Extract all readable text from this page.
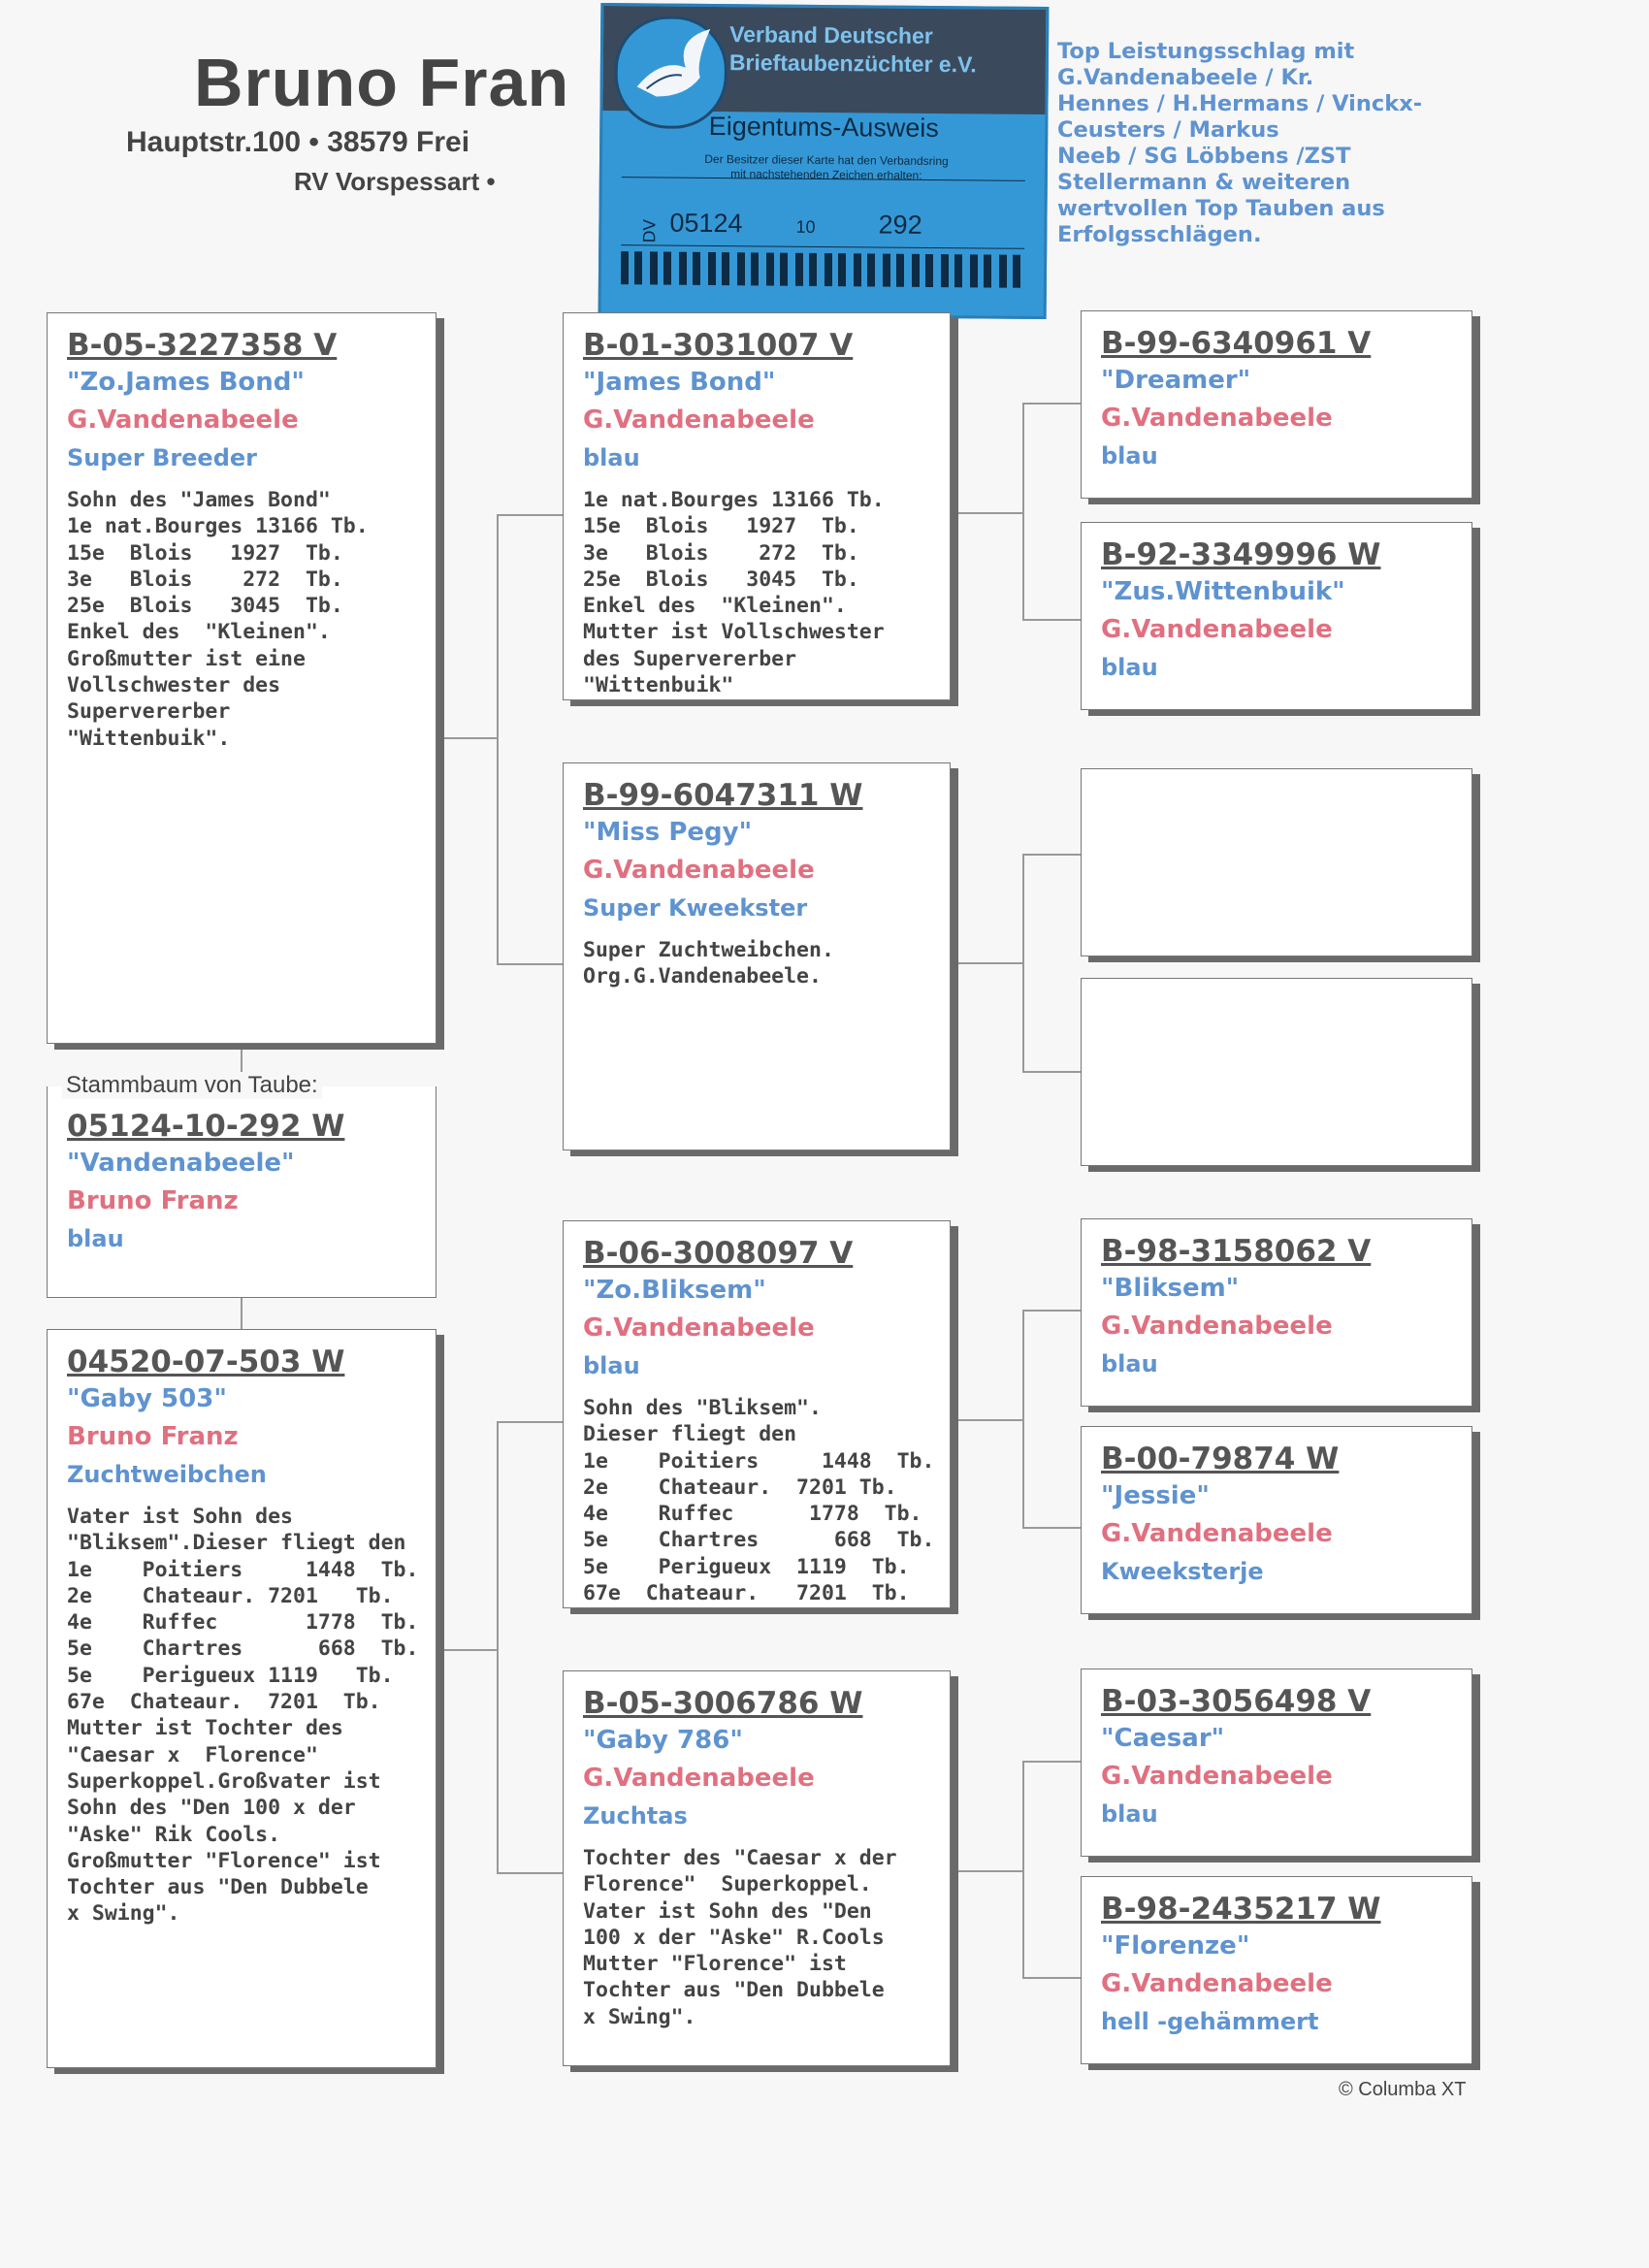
Bruno Fran
Hauptstr.100 • 38579 Frei
RV Vorspessart •
Top Leistungsschlag mit
G.Vandenabeele / Kr.
Hennes / H.Hermans / Vinckx-
Ceusters / Markus
Neeb / SG Löbbens /ZST
Stellermann & weiteren
wertvollen Top Tauben aus
Erfolgsschlägen.
Verband Deutscher
Brieftaubenzüchter e.V.
Eigentums-Ausweis
Der Besitzer dieser Karte hat den Verbandsring
mit nachstehenden Zeichen erhalten:
DV 05124	10 292
B-05-3227358 V
"Zo.James Bond"
G.Vandenabeele
Super Breeder
Sohn des "James Bond"
1e nat.Bourges 13166 Tb.
15e  Blois   1927  Tb.
3e   Blois    272  Tb.
25e  Blois   3045  Tb.
Enkel des  "Kleinen".
Großmutter ist eine
Vollschwester des
Supervererber
"Wittenbuik".
05124-10-292 W
"Vandenabeele"
Bruno Franz
blau
Stammbaum von Taube:
04520-07-503 W
"Gaby 503"
Bruno Franz
Zuchtweibchen
Vater ist Sohn des
"Bliksem".Dieser fliegt den
1e    Poitiers     1448  Tb.
2e    Chateaur. 7201   Tb.
4e    Ruffec       1778  Tb.
5e    Chartres      668  Tb.
5e    Perigueux 1119   Tb.
67e  Chateaur.  7201  Tb.
Mutter ist Tochter des
"Caesar x  Florence"
Superkoppel.Großvater ist
Sohn des "Den 100 x der
"Aske" Rik Cools.
Großmutter "Florence" ist
Tochter aus "Den Dubbele
x Swing".
B-01-3031007 V
"James Bond"
G.Vandenabeele
blau
1e nat.Bourges 13166 Tb.
15e  Blois   1927  Tb.
3e   Blois    272  Tb.
25e  Blois   3045  Tb.
Enkel des  "Kleinen".
Mutter ist Vollschwester
des Supervererber
"Wittenbuik"
B-99-6047311 W
"Miss Pegy"
G.Vandenabeele
Super Kweekster
Super Zuchtweibchen.
Org.G.Vandenabeele.
B-06-3008097 V
"Zo.Bliksem"
G.Vandenabeele
blau
Sohn des "Bliksem".
Dieser fliegt den
1e    Poitiers     1448  Tb.
2e    Chateaur.  7201 Tb.
4e    Ruffec      1778  Tb.
5e    Chartres      668  Tb.
5e    Perigueux  1119  Tb.
67e  Chateaur.   7201  Tb.
B-05-3006786 W
"Gaby 786"
G.Vandenabeele
Zuchtas
Tochter des "Caesar x der
Florence"  Superkoppel.
Vater ist Sohn des "Den
100 x der "Aske" R.Cools
Mutter "Florence" ist
Tochter aus "Den Dubbele
x Swing".
B-99-6340961 V
"Dreamer"
G.Vandenabeele
blau
B-92-3349996 W
"Zus.Wittenbuik"
G.Vandenabeele
blau
B-98-3158062 V
"Bliksem"
G.Vandenabeele
blau
B-00-79874 W
"Jessie"
G.Vandenabeele
Kweeksterje
B-03-3056498 V
"Caesar"
G.Vandenabeele
blau
B-98-2435217 W
"Florenze"
G.Vandenabeele
hell -gehämmert
© Columba XT
